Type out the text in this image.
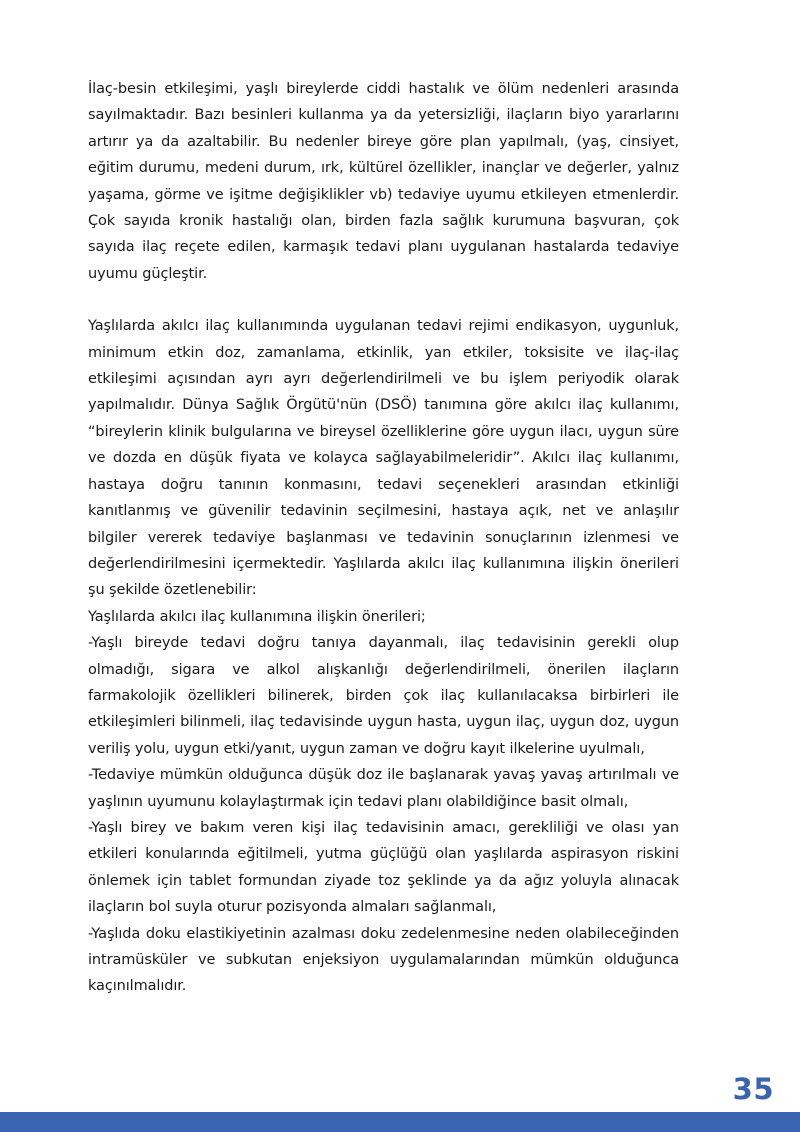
İlaç-besin etkileşimi, yaşlı bireylerde ciddi hastalık ve ölüm nedenleri arasında sayılmaktadır. Bazı besinleri kullanma ya da yetersizliği, ilaçların biyo yararlarını artırır ya da azaltabilir. Bu nedenler bireye göre plan yapılmalı, (yaş, cinsiyet, eğitim durumu, medeni durum, ırk, kültürel özellikler, inançlar ve değerler, yalnız yaşama, görme ve işitme değişiklikler vb) tedaviye uyumu etkileyen etmenlerdir. Çok sayıda kronik hastalığı olan, birden fazla sağlık kurumuna başvuran, çok sayıda ilaç reçete edilen, karmaşık tedavi planı uygulanan hastalarda tedaviye uyumu güçleştir.

Yaşlılarda akılcı ilaç kullanımında uygulanan tedavi rejimi endikasyon, uygunluk, minimum etkin doz, zamanlama, etkinlik, yan etkiler, toksisite ve ilaç-ilaç etkileşimi açısından ayrı ayrı değerlendirilmeli ve bu işlem periyodik olarak yapılmalıdır. Dünya Sağlık Örgütü'nün (DSÖ) tanımına göre akılcı ilaç kullanımı, “bireylerin klinik bulgularına ve bireysel özelliklerine göre uygun ilacı, uygun süre ve dozda en düşük fiyata ve kolayca sağlayabilmeleridir”. Akılcı ilaç kullanımı, hastaya doğru tanının konmasını, tedavi seçenekleri arasından etkinliği kanıtlanmış ve güvenilir tedavinin seçilmesini, hastaya açık, net ve anlaşılır bilgiler vererek tedaviye başlanması ve tedavinin sonuçlarının izlenmesi ve değerlendirilmesini içermektedir. Yaşlılarda akılcı ilaç kullanımına ilişkin önerileri şu şekilde özetlenebilir:

Yaşlılarda akılcı ilaç kullanımına ilişkin önerileri;

-Yaşlı bireyde tedavi doğru tanıya dayanmalı, ilaç tedavisinin gerekli olup olmadığı, sigara ve alkol alışkanlığı değerlendirilmeli, önerilen ilaçların farmakolojik özellikleri bilinerek, birden çok ilaç kullanılacaksa birbirleri ile etkileşimleri bilinmeli, ilaç tedavisinde uygun hasta, uygun ilaç, uygun doz, uygun veriliş yolu, uygun etki/yanıt, uygun zaman ve doğru kayıt ilkelerine uyulmalı,

-Tedaviye mümkün olduğunca düşük doz ile başlanarak yavaş yavaş artırılmalı ve yaşlının uyumunu kolaylaştırmak için tedavi planı olabildiğince basit olmalı,

-Yaşlı birey ve bakım veren kişi ilaç tedavisinin amacı, gerekliliği ve olası yan etkileri konularında eğitilmeli, yutma güçlüğü olan yaşlılarda aspirasyon riskini önlemek için tablet formundan ziyade toz şeklinde ya da ağız yoluyla alınacak ilaçların bol suyla oturur pozisyonda almaları sağlanmalı,

-Yaşlıda doku elastikiyetinin azalması doku zedelenmesine neden olabileceğinden intramüsküler ve subkutan enjeksiyon uygulamalarından mümkün olduğunca kaçınılmalıdır.

35
